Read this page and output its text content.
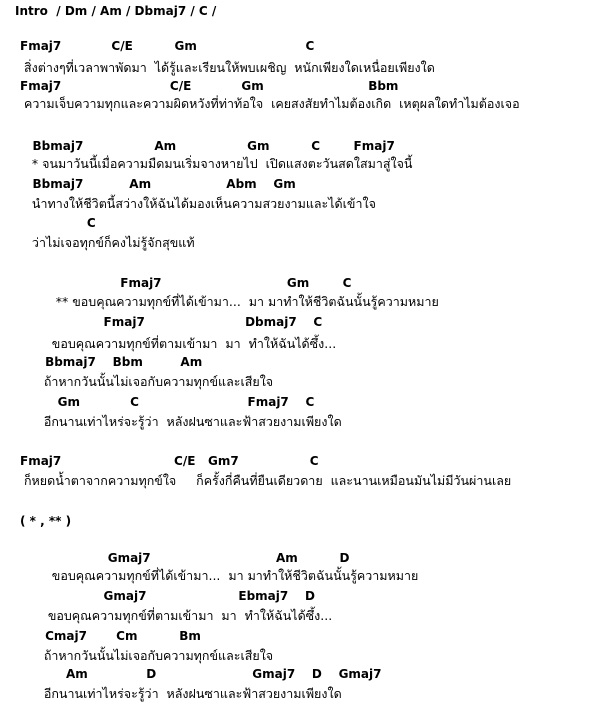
Intro  / Dm / Am / Dbmaj7 / C /
Fmaj7            C/E          Gm                          C
สิ่งต่างๆที่เวลาพาพัดมา  ได้รู้และเรียนให้พบเผชิญ  หนักเพียงใดเหนื่อยเพียงใด
Fmaj7                          C/E            Gm                         Bbm
ความเจ็บความทุกและความผิดหวังที่ท่าท้อใจ  เคยสงสัยทำไมต้องเกิด  เหตุผลใดทำไมต้องเจอ
Bbmaj7                 Am                 Gm          C        Fmaj7
* จนมาวันนี้เมื่อความมืดมนเริ่มจางหายไป  เปิดแสงตะวันสดใสมาสู่ใจนี้
Bbmaj7           Am                  Abm    Gm
นำทางให้ชีวิตนี้สว่างให้ฉันได้มองเห็นความสวยงามและได้เข้าใจ
C
ว่าไม่เจอทุกข์ก็คงไม่รู้จักสุขแท้
Fmaj7                              Gm        C
** ขอบคุณความทุกข์ที่ได้เข้ามา...  มา มาทำให้ชีวิตฉันนั้นรู้ความหมาย
Fmaj7                        Dbmaj7    C
ขอบคุณความทุกข์ที่ตามเข้ามา  มา  ทำให้ฉันได้ซึ้ง...
Bbmaj7    Bbm         Am
ถ้าหากวันนั้นไม่เจอกับความทุกข์และเสียใจ
Gm            C                          Fmaj7    C
อีกนานเท่าไหร่จะรู้ว่า  หลังฝนซาและฟ้าสวยงามเพียงใด
Fmaj7                           C/E   Gm7                 C
ก็หยดน้ำตาจากความทุกข์ใจ     ก็ครั้งกี่คืนที่ยืนเดียวดาย  และนานเหมือนมันไม่มีวันผ่านเลย
( * , ** )
Gmaj7                              Am          D
ขอบคุณความทุกข์ที่ได้เข้ามา...  มา มาทำให้ชีวิตฉันนั้นรู้ความหมาย
Gmaj7                      Ebmaj7    D
ขอบคุณความทุกข์ที่ตามเข้ามา  มา  ทำให้ฉันได้ซึ้ง...
Cmaj7       Cm          Bm
ถ้าหากวันนั้นไม่เจอกับความทุกข์และเสียใจ
Am              D                       Gmaj7    D    Gmaj7
อีกนานเท่าไหร่จะรู้ว่า  หลังฝนซาและฟ้าสวยงามเพียงใด
